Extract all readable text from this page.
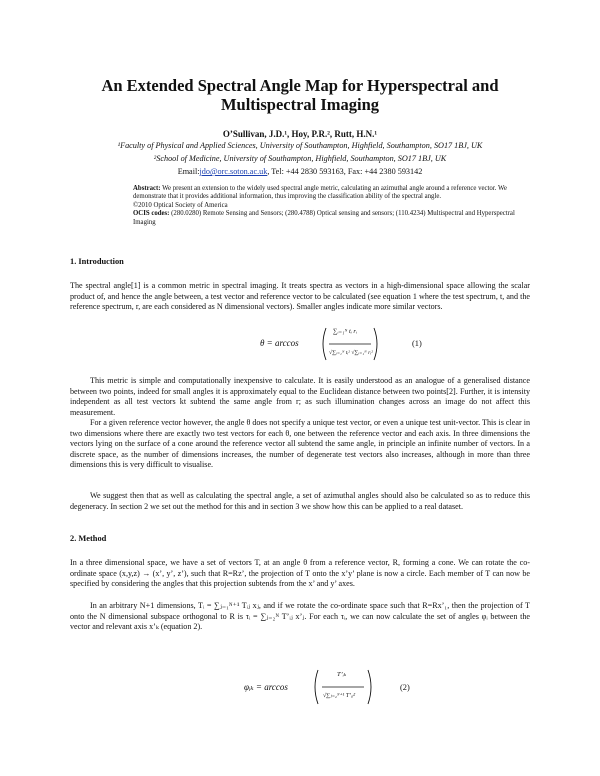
An Extended Spectral Angle Map for Hyperspectral and
Multispectral Imaging
O’Sullivan, J.D.¹, Hoy, P.R.², Rutt, H.N.¹
¹Faculty of Physical and Applied Sciences, University of Southampton, Highfield, Southampton, SO17 1BJ, UK
²School of Medicine, University of Southampton, Highfield, Southampton, SO17 1BJ, UK
Email:jdo@orc.soton.ac.uk, Tel: +44 2830 593163, Fax: +44 2380 593142

Abstract: We present an extension to the widely used spectral angle metric, calculating an azimuthal angle around a reference vector. We demonstrate that it provides additional information, thus improving the classification ability of the spectral angle.

©2010 Optical Society of America

OCIS codes: (280.0280) Remote Sensing and Sensors; (280.4788) Optical sensing and sensors; (110.4234) Multispectral and Hyperspectral Imaging

1. Introduction

The spectral angle[1] is a common metric in spectral imaging. It treats spectra as vectors in a high-dimensional space allowing the scalar product of, and hence the angle between, a test vector and reference vector to be calculated (see equation 1 where the test spectrum, t, and the reference spectrum, r, are each considered as N dimensional vectors). Smaller angles indicate more similar vectors.

θ = arccos
∑ᵢ₌₁ᴺ tᵢ rᵢ
√∑ᵢ₌₁ᴺ tᵢ² √∑ᵢ₌₁ᴺ rᵢ²
(1)

This metric is simple and computationally inexpensive to calculate. It is easily understood as an analogue of a generalised distance between two points, indeed for small angles it is approximately equal to the Euclidean distance between two points[2]. Further, it is intensity independent as all test vectors kt subtend the same angle from r; as such illumination changes across an image do not affect this measurement.

For a given reference vector however, the angle θ does not specify a unique test vector, or even a unique test unit-vector. This is clear in two dimensions where there are exactly two test vectors for each θ, one between the reference vector and each axis. In three dimensions the vectors lying on the surface of a cone around the reference vector all subtend the same angle, in principle an infinite number of vectors. In a discrete space, as the number of dimensions increases, the number of degenerate test vectors also increases, although in more than three dimensions this is very difficult to visualise.

We suggest then that as well as calculating the spectral angle, a set of azimuthal angles should also be calculated so as to reduce this degeneracy. In section 2 we set out the method for this and in section 3 we show how this can be applied to a real dataset.

2. Method

In a three dimensional space, we have a set of vectors T, at an angle θ from a reference vector, R, forming a cone. We can rotate the co-ordinate space (x,y,z) → (x’, y’, z’), such that R=Rz’, the projection of T onto the x’y’ plane is now a circle. Each member of T can now be specified by considering the angles that this projection subtends from the x’ and y’ axes.

In an arbitrary N+1 dimensions, Tᵢ = ∑ⱼ₌₁ᴺ⁺¹ Tᵢⱼ xⱼ, and if we rotate the co-ordinate space such that R=Rx’₁, then the projection of T onto the N dimensional subspace orthogonal to R is τᵢ = ∑ⱼ₌₂ᴺ T’ᵢⱼ x’ⱼ. For each τᵢ, we can now calculate the set of angles φᵢ between the vector and relevant axis x’ₖ (equation 2).

φᵢₖ = arccos
T’ᵢₖ
√∑ⱼ₌₂ᴺ⁺¹ T’ᵢⱼ²
(2)
